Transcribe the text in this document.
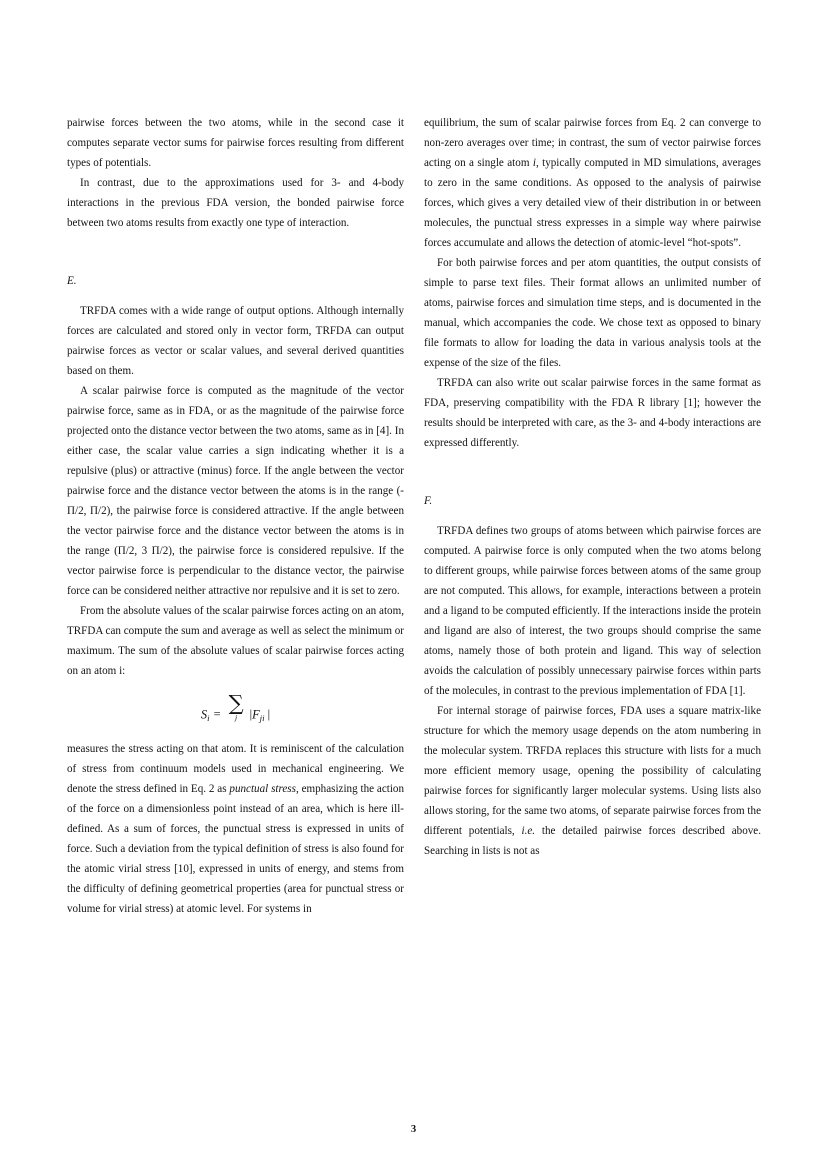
pairwise forces between the two atoms, while in the second case it computes separate vector sums for pairwise forces resulting from different types of potentials.

In contrast, due to the approximations used for 3- and 4-body interactions in the previous FDA version, the bonded pairwise force between two atoms results from exactly one type of interaction.

E.

TRFDA comes with a wide range of output options. Although internally forces are calculated and stored only in vector form, TRFDA can output pairwise forces as vector or scalar values, and several derived quantities based on them.

A scalar pairwise force is computed as the magnitude of the vector pairwise force, same as in FDA, or as the magnitude of the pairwise force projected onto the distance vector between the two atoms, same as in [4]. In either case, the scalar value carries a sign indicating whether it is a repulsive (plus) or attractive (minus) force. If the angle between the vector pairwise force and the distance vector between the atoms is in the range (- Π/2, Π/2), the pairwise force is considered attractive. If the angle between the vector pairwise force and the distance vector between the atoms is in the range (Π/2, 3 Π/2), the pairwise force is considered repulsive. If the vector pairwise force is perpendicular to the distance vector, the pairwise force can be considered neither attractive nor repulsive and it is set to zero.

From the absolute values of the scalar pairwise forces acting on an atom, TRFDA can compute the sum and average as well as select the minimum or maximum. The sum of the absolute values of scalar pairwise forces acting on an atom i:

$S_i$ = ∑
j	$|F_{ji}$ |

measures the stress acting on that atom. It is reminiscent of the calculation of stress from continuum models used in mechanical engineering. We denote the stress defined in Eq. 2 as punctual stress, emphasizing the action of the force on a dimensionless point instead of an area, which is here ill-defined. As a sum of forces, the punctual stress is expressed in units of force. Such a deviation from the typical definition of stress is also found for the atomic virial stress [10], expressed in units of energy, and stems from the difficulty of defining geometrical properties (area for punctual stress or volume for virial stress) at atomic level. For systems in

equilibrium, the sum of scalar pairwise forces from Eq. 2 can converge to non-zero averages over time; in contrast, the sum of vector pairwise forces acting on a single atom i, typically computed in MD simulations, averages to zero in the same conditions. As opposed to the analysis of pairwise forces, which gives a very detailed view of their distribution in or between molecules, the punctual stress expresses in a simple way where pairwise forces accumulate and allows the detection of atomic-level “hot-spots”.

For both pairwise forces and per atom quantities, the output consists of simple to parse text files. Their format allows an unlimited number of atoms, pairwise forces and simulation time steps, and is documented in the manual, which accompanies the code. We chose text as opposed to binary file formats to allow for loading the data in various analysis tools at the expense of the size of the files.

TRFDA can also write out scalar pairwise forces in the same format as FDA, preserving compatibility with the FDA R library [1]; however the results should be interpreted with care, as the 3- and 4-body interactions are expressed differently.

F.

TRFDA defines two groups of atoms between which pairwise forces are computed. A pairwise force is only computed when the two atoms belong to different groups, while pairwise forces between atoms of the same group are not computed. This allows, for example, interactions between a protein and a ligand to be computed efficiently. If the interactions inside the protein and ligand are also of interest, the two groups should comprise the same atoms, namely those of both protein and ligand. This way of selection avoids the calculation of possibly unnecessary pairwise forces within parts of the molecules, in contrast to the previous implementation of FDA [1].

For internal storage of pairwise forces, FDA uses a square matrix-like structure for which the memory usage depends on the atom numbering in the molecular system. TRFDA replaces this structure with lists for a much more efficient memory usage, opening the possibility of calculating pairwise forces for significantly larger molecular systems. Using lists also allows storing, for the same two atoms, of separate pairwise forces from the different potentials, i.e. the detailed pairwise forces described above. Searching in lists is not as

3
